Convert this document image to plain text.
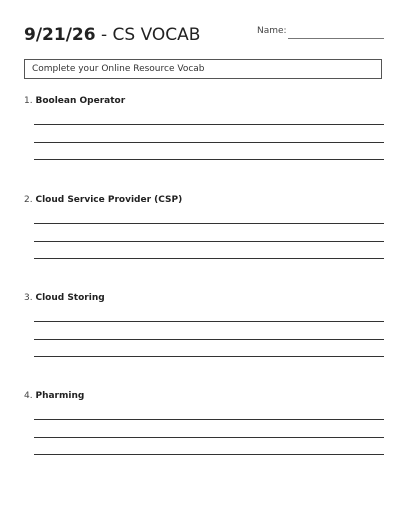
9/21/26 - CS VOCAB	Name:
Complete your Online Resource Vocab
1. Boolean Operator
2. Cloud Service Provider (CSP)
3. Cloud Storing
4. Pharming
